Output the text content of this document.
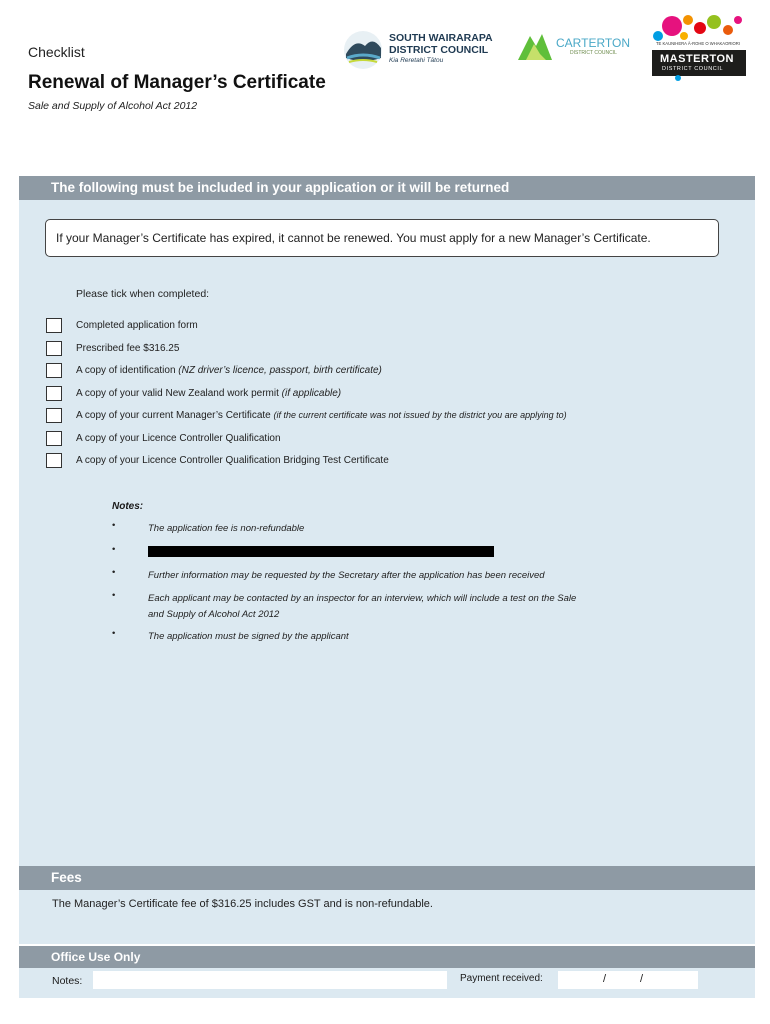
Checklist
Renewal of Manager’s Certificate
Sale and Supply of Alcohol Act 2012
SOUTH WAIRARAPA
DISTRICT COUNCIL
Kia Reretahi Tātou
CARTERTON
DISTRICT COUNCIL
TE KAUNIHERA Ā-ROHE O WHAKAORIORI
MASTERTON
DISTRICT COUNCIL
The following must be included in your application or it will be returned
If your Manager’s Certificate has expired, it cannot be renewed. You must apply for a new Manager’s Certificate.
Please tick when completed:
Completed application form
Prescribed fee $316.25
A copy of identification (NZ driver’s licence, passport, birth certificate)
A copy of your valid New Zealand work permit (if applicable)
A copy of your current Manager’s Certificate (if the current certificate was not issued by the district you are applying to)
A copy of your Licence Controller Qualification
A copy of your Licence Controller Qualification Bridging Test Certificate
Notes:
•	The application fee is non-refundable
•
•	Further information may be requested by the Secretary after the application has been received
•	Each applicant may be contacted by an inspector for an interview, which will include a test on the Sale and Supply of Alcohol Act 2012
•	The application must be signed by the applicant
Fees
The Manager’s Certificate fee of $316.25 includes GST and is non-refundable.
Office Use Only
Notes:	Payment received:	/	/
